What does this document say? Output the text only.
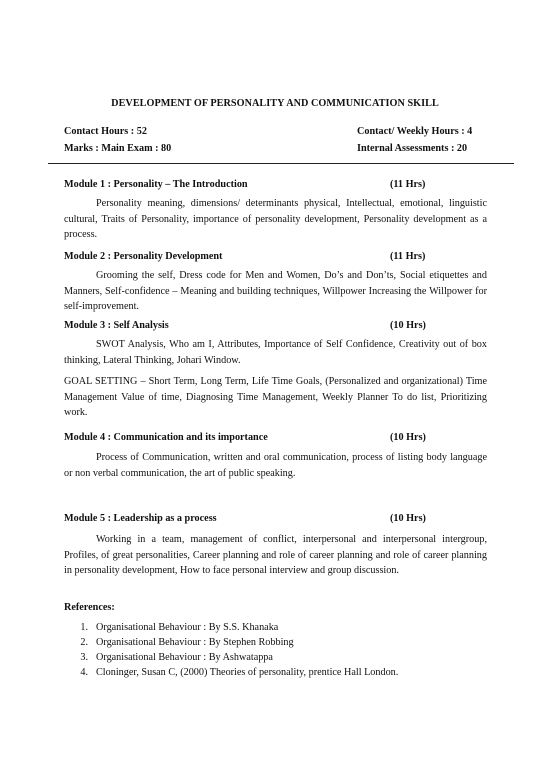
DEVELOPMENT OF PERSONALITY AND COMMUNICATION SKILL
Contact Hours : 52	Contact/ Weekly Hours : 4
Marks : Main Exam : 80	Internal Assessments : 20
Module 1 : Personality – The Introduction	(11 Hrs)
Personality meaning, dimensions/ determinants physical, Intellectual, emotional, linguistic cultural, Traits of Personality, importance of personality development, Personality development as a process.
Module 2 : Personality Development	(11 Hrs)
Grooming the self, Dress code for Men and Women, Do’s and Don’ts, Social etiquettes and Manners, Self-confidence – Meaning and building techniques, Willpower Increasing the Willpower for self-improvement.
Module 3 : Self Analysis	(10 Hrs)
SWOT Analysis, Who am I, Attributes, Importance of Self Confidence, Creativity out of box thinking, Lateral Thinking, Johari Window.
GOAL SETTING – Short Term, Long Term, Life Time Goals, (Personalized and organizational) Time Management Value of time, Diagnosing Time Management, Weekly Planner To do list, Prioritizing work.
Module 4 : Communication and its importance	(10 Hrs)
Process of Communication, written and oral communication, process of listing body language or non verbal communication, the art of public speaking.
Module 5 : Leadership as a process	(10 Hrs)
Working in a team, management of conflict, interpersonal and interpersonal intergroup, Profiles, of great personalities, Career planning and role of career planning and role of career planning in personality development, How to face personal interview and group discussion.
References:
1. Organisational Behaviour : By S.S. Khanaka
2. Organisational Behaviour : By Stephen Robbing
3. Organisational Behaviour : By Ashwatappa
4. Cloninger, Susan C, (2000) Theories of personality, prentice Hall London.
